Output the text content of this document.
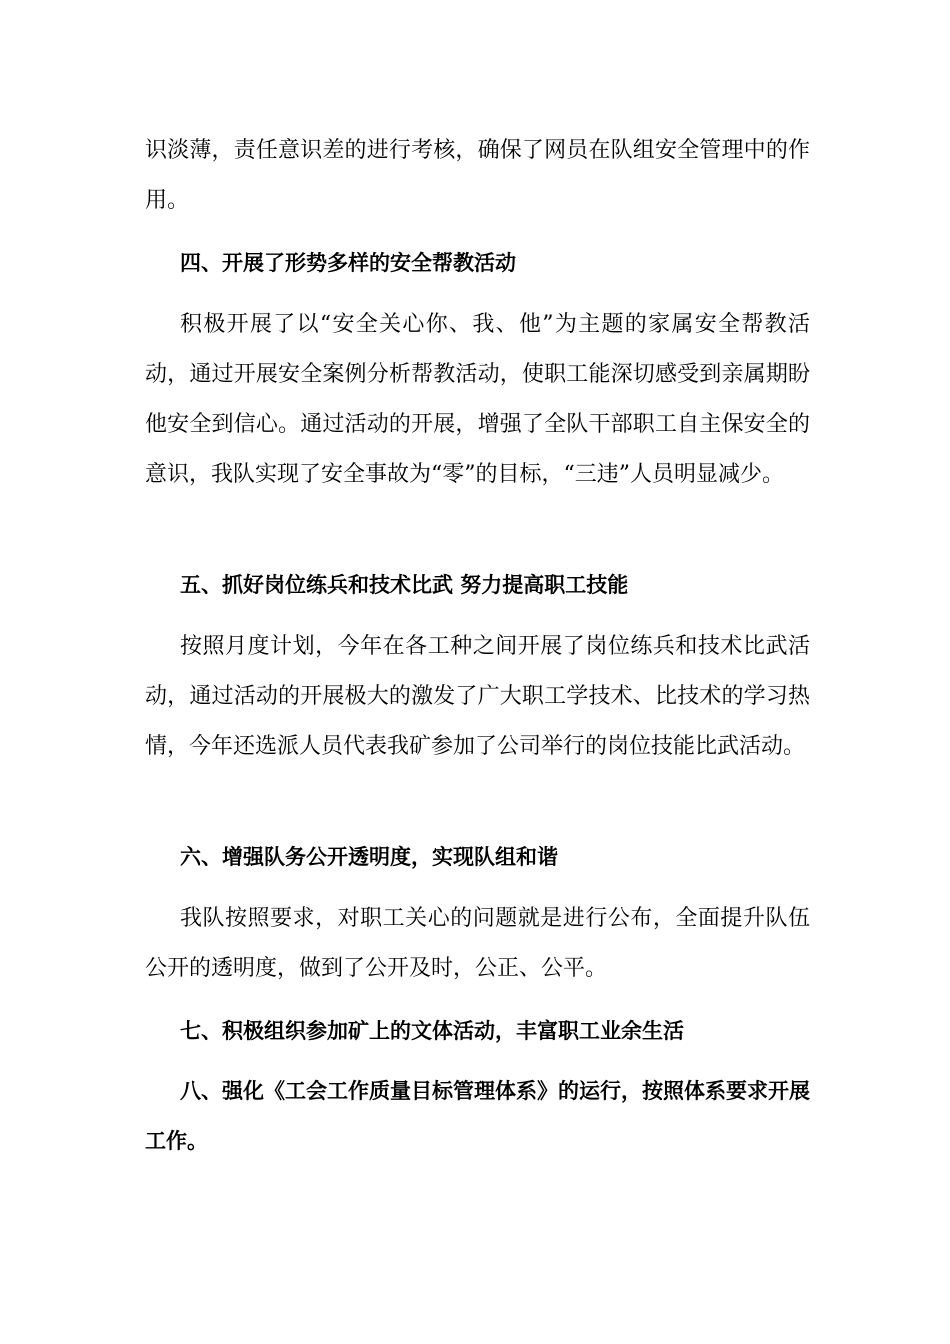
识淡薄，责任意识差的进行考核，确保了网员在队组安全管理中的作用。

四、开展了形势多样的安全帮教活动

积极开展了以“安全关心你、我、他”为主题的家属安全帮教活动，通过开展安全案例分析帮教活动，使职工能深切感受到亲属期盼他安全到信心。通过活动的开展，增强了全队干部职工自主保安全的意识，我队实现了安全事故为“零”的目标，“三违”人员明显减少。

五、抓好岗位练兵和技术比武 努力提高职工技能

按照月度计划，今年在各工种之间开展了岗位练兵和技术比武活动，通过活动的开展极大的激发了广大职工学技术、比技术的学习热情，今年还选派人员代表我矿参加了公司举行的岗位技能比武活动。

六、增强队务公开透明度，实现队组和谐

我队按照要求，对职工关心的问题就是进行公布，全面提升队伍公开的透明度，做到了公开及时，公正、公平。

七、积极组织参加矿上的文体活动，丰富职工业余生活

八、强化《工会工作质量目标管理体系》的运行，按照体系要求开展工作。
